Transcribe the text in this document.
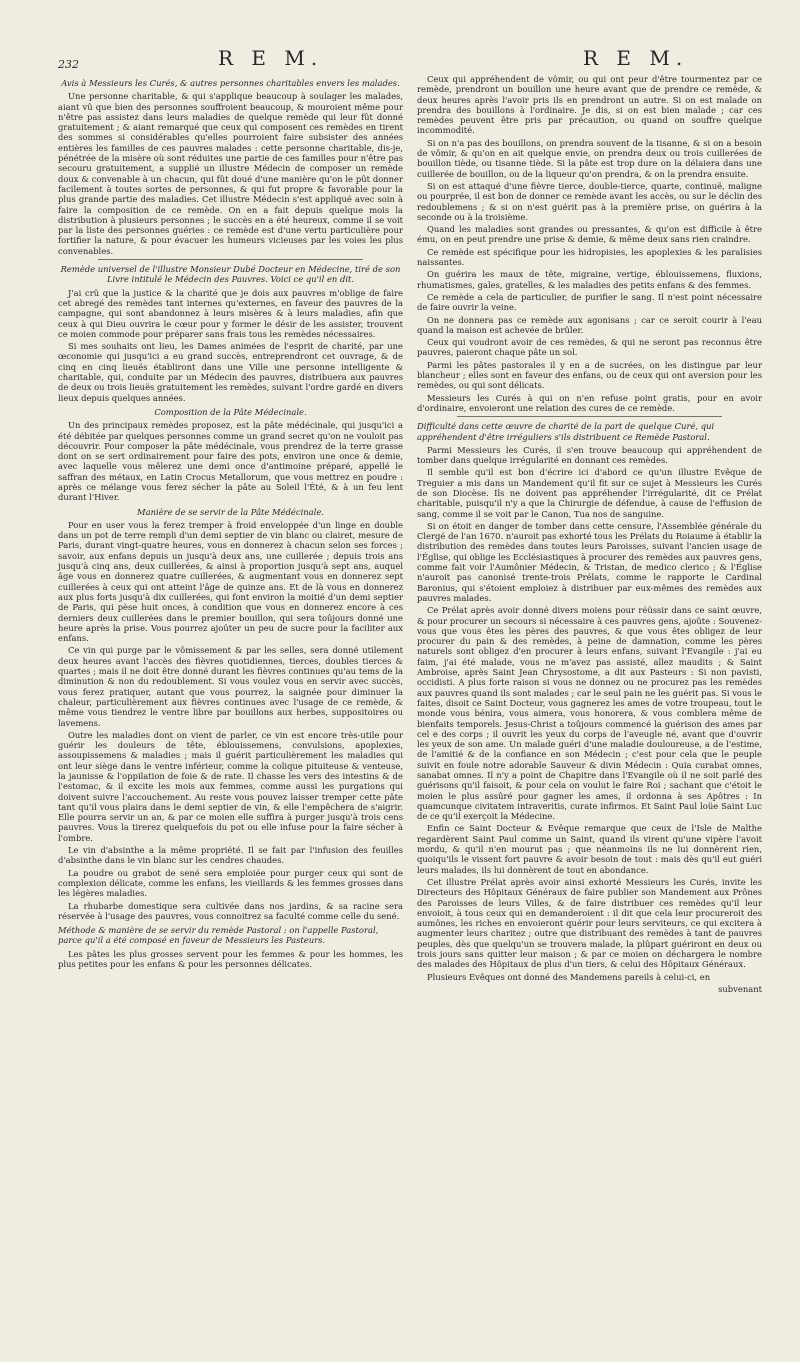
232	R E M.	R E M.
Avis à Messieurs les Curés, & autres personnes charitables envers les malades.

Une personne charitable, & qui s'applique beaucoup à soulager les malades, aiant vû que bien des personnes souffroient beaucoup, & mouroient même pour n'être pas assistez dans leurs maladies de quelque remède qui leur fût donné gratuitement ; & aiant remarqué que ceux qui composent ces remèdes en tirent des sommes si considérables qu'elles pourroient faire subsister des années entières les familles de ces pauvres malades : cette personne charitable, dis-je, pénétrée de la misère où sont réduites une partie de ces familles pour n'être pas secouru gratuitement, a supplié un illustre Médecin de composer un remède doux & convenable à un chacun, qui fût doué d'une manière qu'on le pût donner facilement à toutes sortes de personnes, & qui fut propre & favorable pour la plus grande partie des maladies. Cet illustre Médecin s'est appliqué avec soin à faire la composition de ce remède. On en a fait depuis quelque mois la distribution à plusieurs personnes ; le succès en a été heureux, comme il se voit par la liste des personnes guéries : ce remède est d'une vertu particulière pour fortifier la nature, & pour évacuer les humeurs vicieuses par les voies les plus convenables.

Remède universel de l'illustre Monsieur Dubé Docteur en Médecine, tiré de son Livre intitulé le Médecin des Pauvres. Voici ce qu'il en dit.

J'ai crû que la justice & la charité que je dois aux pauvres m'oblige de faire cet abregé des remèdes tant internes qu'externes, en faveur des pauvres de la campagne, qui sont abandonnez à leurs misères & à leurs maladies, afin que ceux à qui Dieu ouvrira le cœur pour y former le désir de les assister, trouvent ce moien commode pour préparer sans frais tous les remèdes nécessaires.

Si mes souhaits ont lieu, les Dames animées de l'esprit de charité, par une œconomie qui jusqu'ici a eu grand succès, entreprendront cet ouvrage, & de cinq en cinq lieuës établiront dans une Ville une personne intelligente & charitable, qui, conduite par un Médecin des pauvres, distribuera aux pauvres de deux ou trois lieuës gratuitement les remèdes, suivant l'ordre gardé en divers lieux depuis quelques années.

Composition de la Pâte Médecinale.

Un des principaux remèdes proposez, est la pâte médécinale, qui jusqu'ici a été débitée par quelques personnes comme un grand secret qu'on ne vouloit pas découvrir. Pour composer la pâte médécinale, vous prendrez de la terre grasse dont on se sert ordinairement pour faire des pots, environ une once & demie, avec laquelle vous mêlerez une demi once d'antimoine préparé, appellé le saffran des métaux, en Latin Crocus Metallorum, que vous mettrez en poudre : après ce mélange vous ferez sécher la pâte au Soleil l'Été, & à un feu lent durant l'Hiver.

Manière de se servir de la Pâte Médécinale.

Pour en user vous la ferez tremper à froid enveloppée d'un linge en double dans un pot de terre rempli d'un demi septier de vin blanc ou clairet, mesure de Paris, durant vingt-quatre heures, vous en donnerez à chacun selon ses forces ; savoir, aux enfans depuis un jusqu'à deux ans, une cuillerée ; depuis trois ans jusqu'à cinq ans, deux cuillerées, & ainsi à proportion jusqu'à sept ans, auquel âge vous en donnerez quatre cuillerées, & augmentant vous en donnerez sept cuillerées à ceux qui ont atteint l'âge de quinze ans. Et de là vous en donnerez aux plus forts jusqu'à dix cuillerées, qui font environ la moitié d'un demi septier de Paris, qui pèse huit onces, à condition que vous en donnerez encore à ces derniers deux cuillerées dans le premier bouillon, qui sera toûjours donné une heure après la prise. Vous pourrez ajoûter un peu de sucre pour la faciliter aux enfans.

Ce vin qui purge par le vômissement & par les selles, sera donné utilement deux heures avant l'accès des fièvres quotidiennes, tierces, doubles tierces & quartes ; mais il ne doit être donné durant les fièvres continues qu'au tems de la diminution & non du redoublement. Si vous voulez vous en servir avec succès, vous ferez pratiquer, autant que vous pourrez, la saignée pour diminuer la chaleur, particulièrement aux fièvres continues avec l'usage de ce remède, & même vous tiendrez le ventre libre par bouillons aux herbes, suppositoires ou lavemens.

Outre les maladies dont on vient de parler, ce vin est encore très-utile pour guérir les douleurs de tête, éblouissemens, convulsions, apoplexies, assoupissemens & maladies ; mais il guérit particulièrement les maladies qui ont leur siège dans le ventre inférieur, comme la colique pituiteuse & venteuse, la jaunisse & l'oppilation de foie & de rate. Il chasse les vers des intestins & de l'estomac, & il excite les mois aux femmes, comme aussi les purgations qui doivent suivre l'accouchement. Au reste vous pouvez laisser tremper cette pâte tant qu'il vous plaira dans le demi septier de vin, & elle l'empêchera de s'aigrir. Elle pourra servir un an, & par ce moien elle suffira à purger jusqu'à trois cens pauvres. Vous la tirerez quelquefois du pot ou elle infuse pour la faire sécher à l'ombre.

Le vin d'absinthe a la même propriété. Il se fait par l'infusion des feuilles d'absinthe dans le vin blanc sur les cendres chaudes.

La poudre ou grabot de sené sera emploiée pour purger ceux qui sont de complexion délicate, comme les enfans, les vieillards & les femmes grosses dans les légères maladies.

La rhubarbe domestique sera cultivée dans nos jardins, & sa racine sera réservée à l'usage des pauvres, vous connoitrez sa faculté comme celle du sené.

Méthode & manière de se servir du remède Pastoral : on l'appelle Pastoral, parce qu'il a été composé en faveur de Messieurs les Pasteurs.

Les pâtes les plus grosses servent pour les femmes & pour les hommes, les plus petites pour les enfans & pour les personnes délicates.

Ceux qui appréhendent de vômir, ou qui ont peur d'être tourmentez par ce remède, prendront un bouillon une heure avant que de prendre ce remède, & deux heures après l'avoir pris ils en prendront un autre. Si on est malade on prendra des bouillons à l'ordinaire. Je dis, si on est bien malade ; car ces remèdes peuvent être pris par précaution, ou quand on souffre quelque incommodité.

Si on n'a pas des bouillons, on prendra souvent de la tisanne, & si on a besoin de vômir, & qu'on en ait quelque envie, on prendra deux ou trois cuillerées de bouillon tiède, ou tisanne tiède. Si la pâte est trop dure on la délaiera dans une cuillerée de bouillon, ou de la liqueur qu'on prendra, & on la prendra ensuite.

Si on est attaqué d'une fièvre tierce, double-tierce, quarte, continuë, maligne ou pourprée, il est bon de donner ce remède avant les accès, ou sur le déclin des redoublemens ; & si on n'est guérit pas à la première prise, on guérira à la seconde ou à la troisième.

Quand les maladies sont grandes ou pressantes, & qu'on est difficile à être ému, on en peut prendre une prise & demie, & même deux sans rien craindre.

Ce remède est spécifique pour les hidropisies, les apoplexies & les paralisies naissantes.

On guérira les maux de tête, migraine, vertige, éblouissemens, fluxions, rhumatismes, gales, gratelles, & les maladies des petits enfans & des femmes.

Ce remède a cela de particulier, de purifier le sang. Il n'est point nécessaire de faire ouvrir la veine.

On ne donnera pas ce remède aux agonisans ; car ce seroit courir à l'eau quand la maison est achevée de brûler.

Ceux qui voudront avoir de ces remèdes, & qui ne seront pas reconnus être pauvres, paieront chaque pâte un sol.

Parmi les pâtes pastorales il y en a de sucrées, on les distingue par leur blancheur ; elles sont en faveur des enfans, ou de ceux qui ont aversion pour les remèdes, ou qui sont délicats.

Messieurs les Curés à qui on n'en refuse point gratis, pour en avoir d'ordinaire, envoieront une relation des cures de ce remède.

Difficulté dans cette œuvre de charité de la part de quelque Curé, qui appréhendent d'être irréguliers s'ils distribuent ce Remède Pastoral.

Parmi Messieurs les Curés, il s'en trouve beaucoup qui appréhendent de tomber dans quelque irrégularité en donnant ces remèdes.

Il semble qu'il est bon d'écrire ici d'abord ce qu'un illustre Evêque de Treguier a mis dans un Mandement qu'il fit sur ce sujet à Messieurs les Curés de son Diocèse. Ils ne doivent pas appréhender l'irrégularité, dit ce Prélat charitable, puisqu'il n'y a que la Chirurgie de défendue, à cause de l'effusion de sang, comme il se voit par le Canon, Tua nos de sanguine.

Si on étoit en danger de tomber dans cette censure, l'Assemblée générale du Clergé de l'an 1670. n'auroit pas exhorté tous les Prélats du Roiaume à établir la distribution des remèdes dans toutes leurs Paroisses, suivant l'ancien usage de l'Église, qui oblige les Ecclésiastiques à procurer des remèdes aux pauvres gens, comme fait voir l'Aumônier Médecin, & Tristan, de medico clerico ; & l'Église n'auroit pas canonisé trente-trois Prélats, comme le rapporte le Cardinal Baronius, qui s'étoient emploiez à distribuer par eux-mêmes des remèdes aux pauvres malades.

Ce Prélat après avoir donné divers moiens pour réüssir dans ce saint œuvre, & pour procurer un secours si nécessaire à ces pauvres gens, ajoûte : Souvenez-vous que vous êtes les pères des pauvres, & que vous êtes obligez de leur procurer du pain & des remèdes, à peine de damnation, comme les pères naturels sont obligez d'en procurer à leurs enfans, suivant l'Evangile : j'ai eu faim, j'ai été malade, vous ne m'avez pas assisté, allez maudits ; & Saint Ambroise, après Saint Jean Chrysostome, a dit aux Pasteurs : Si non pavisti, occidisti. A plus forte raison si vous ne donnez ou ne procurez pas les remèdes aux pauvres quand ils sont malades ; car le seul pain ne les guérit pas. Si vous le faites, disoit ce Saint Docteur, vous gagnerez les ames de votre troupeau, tout le monde vous bénira, vous aimera, vous honorera, & vous comblera même de bienfaits temporels. Jesus-Christ a toûjours commencé la guérison des ames par cel e des corps ; il ouvrit les yeux du corps de l'aveugle né, avant que d'ouvrir les yeux de son ame. Un malade guéri d'une maladie douloureuse, a de l'estime, de l'amitié & de la confiance en son Médecin ; c'est pour cela que le peuple suivit en foule notre adorable Sauveur & divin Médecin : Quia curabat omnes, sanabat omnes. Il n'y a point de Chapitre dans l'Evangile où il ne soit parlé des guérisons qu'il faisoit, & pour cela on voulut le faire Roi ; sachant que c'étoit le moien le plus assûré pour gagner les ames, il ordonna à ses Apôtres : In quamcunque civitatem intraveritis, curate infirmos. Et Saint Paul loüe Saint Luc de ce qu'il exerçoit la Médecine.

Enfin ce Saint Docteur & Evêque remarque que ceux de l'Isle de Malthe regardèrent Saint Paul comme un Saint, quand ils virent qu'une vipère l'avoit mordu, & qu'il n'en mourut pas ; que néanmoins ils ne lui donnèrent rien, quoiqu'ils le vissent fort pauvre & avoir besoin de tout : mais dès qu'il eut guéri leurs malades, ils lui donnèrent de tout en abondance.

Cet illustre Prélat après avoir ainsi exhorté Messieurs les Curés, invite les Directeurs des Hôpitaux Généraux de faire publier son Mandement aux Prônes des Paroisses de leurs Villes, & de faire distribuer ces remèdes qu'il leur envoioit, à tous ceux qui en demanderoient : il dit que cela leur procureroit des aumônes, les riches en envoieront quérir pour leurs serviteurs, ce qui excitera à augmenter leurs charitez ; outre que distribuant des remèdes à tant de pauvres peuples, dès que quelqu'un se trouvera malade, la plûpart guériront en deux ou trois jours sans quitter leur maison ; & par ce moien on déchargera le nombre des malades des Hôpitaux de plus d'un tiers, & celui des Hôpitaux Généraux.

Plusieurs Evêques ont donné des Mandemens pareils à celui-ci, en

subvenant
